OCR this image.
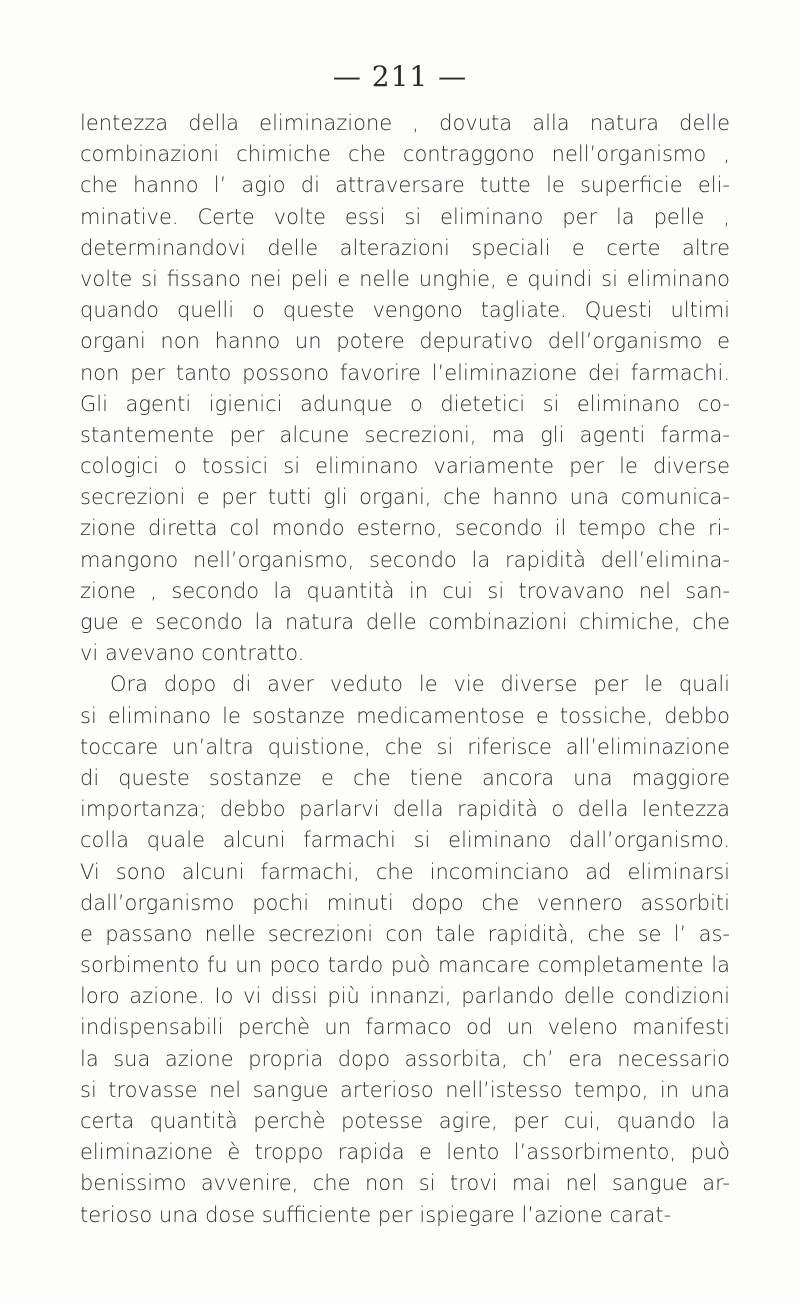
— 211 —
lentezza della eliminazione , dovuta alla natura delle
combinazioni chimiche che contraggono nell’organismo ,
che hanno l’ agio di attraversare tutte le superficie eli-
minative. Certe volte essi si eliminano per la pelle ,
determinandovi delle alterazioni speciali e certe altre
volte si fissano nei peli e nelle unghie, e quindi si eliminano
quando quelli o queste vengono tagliate. Questi ultimi
organi non hanno un potere depurativo dell’organismo e
non per tanto possono favorire l’eliminazione dei farmachi.
Gli agenti igienici adunque o dietetici si eliminano co-
stantemente per alcune secrezioni, ma gli agenti farma-
cologici o tossici si eliminano variamente per le diverse
secrezioni e per tutti gli organi, che hanno una comunica-
zione diretta col mondo esterno, secondo il tempo che ri-
mangono nell’organismo, secondo la rapidità dell’elimina-
zione , secondo la quantità in cui si trovavano nel san-
gue e secondo la natura delle combinazioni chimiche, che
vi avevano contratto.
Ora dopo di aver veduto le vie diverse per le quali
si eliminano le sostanze medicamentose e tossiche, debbo
toccare un’altra quistione, che si riferisce all’eliminazione
di queste sostanze e che tiene ancora una maggiore
importanza; debbo parlarvi della rapidità o della lentezza
colla quale alcuni farmachi si eliminano dall’organismo.
Vi sono alcuni farmachi, che incominciano ad eliminarsi
dall’organismo pochi minuti dopo che vennero assorbiti
e passano nelle secrezioni con tale rapidità, che se l’ as-
sorbimento fu un poco tardo può mancare completamente la
loro azione. Io vi dissi più innanzi, parlando delle condizioni
indispensabili perchè un farmaco od un veleno manifesti
la sua azione propria dopo assorbita, ch’ era necessario
si trovasse nel sangue arterioso nell’istesso tempo, in una
certa quantità perchè potesse agire, per cui, quando la
eliminazione è troppo rapida e lento l’assorbimento, può
benissimo avvenire, che non si trovi mai nel sangue ar-
terioso una dose sufficiente per ispiegare l’azione carat-
